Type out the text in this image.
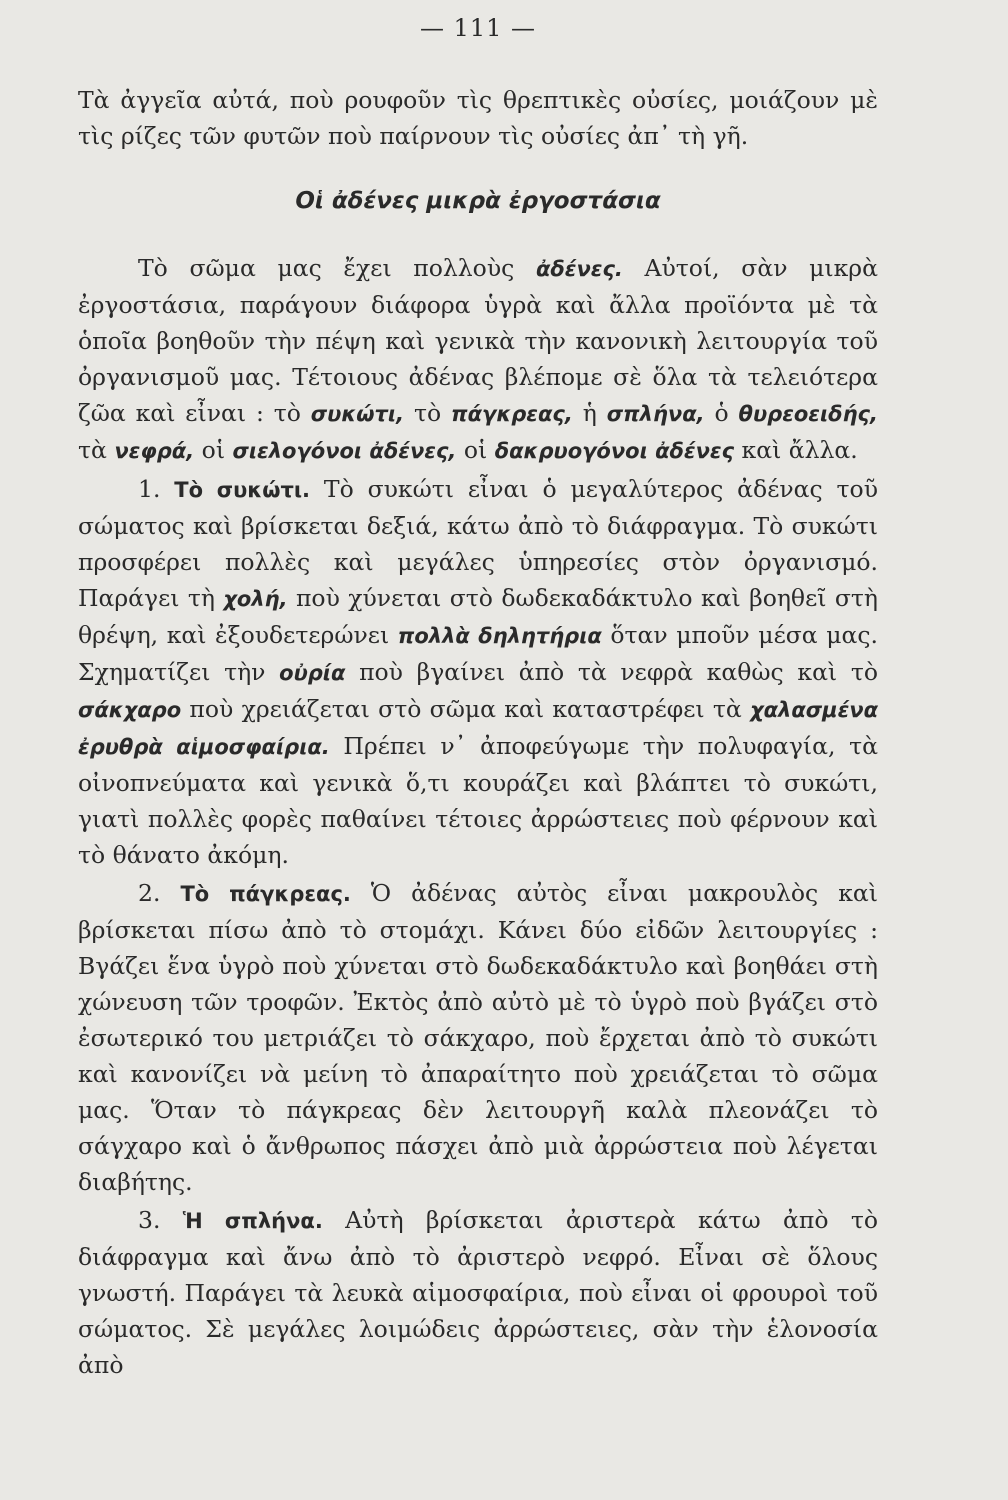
— 111 —

Τὰ ἀγγεῖα αὐτά, ποὺ ρουφοῦν τὶς θρεπτικὲς οὐσίες, μοιάζουν μὲ τὶς ρίζες τῶν φυτῶν ποὺ παίρνουν τὶς οὐσίες ἀπ᾽ τὴ γῆ.

Οἱ ἀδένες μικρὰ ἐργοστάσια

Τὸ σῶμα μας ἔχει πολλοὺς ἀδένες. Αὐτοί, σὰν μικρὰ ἐργοστάσια, παράγουν διάφορα ὑγρὰ καὶ ἄλλα προϊόντα μὲ τὰ ὁποῖα βοηθοῦν τὴν πέψη καὶ γενικὰ τὴν κανονικὴ λειτουργία τοῦ ὀργανισμοῦ μας. Τέτοιους ἀδένας βλέπομε σὲ ὅλα τὰ τελειότερα ζῶα καὶ εἶναι : τὸ συκώτι, τὸ πάγκρεας, ἡ σπλήνα, ὁ θυρεοειδής, τὰ νεφρά, οἱ σιελογόνοι ἀδένες, οἱ δακρυογόνοι ἀδένες καὶ ἄλλα.

1. Τὸ συκώτι. Τὸ συκώτι εἶναι ὁ μεγαλύτερος ἀδένας τοῦ σώματος καὶ βρίσκεται δεξιά, κάτω ἀπὸ τὸ διάφραγμα. Τὸ συκώτι προσφέρει πολλὲς καὶ μεγάλες ὑπηρεσίες στὸν ὀργανισμό. Παράγει τὴ χολή, ποὺ χύνεται στὸ δωδεκαδάκτυλο καὶ βοηθεῖ στὴ θρέψη, καὶ ἐξουδετερώνει πολλὰ δηλητήρια ὅταν μποῦν μέσα μας. Σχηματίζει τὴν οὐρία ποὺ βγαίνει ἀπὸ τὰ νεφρὰ καθὼς καὶ τὸ σάκχαρο ποὺ χρειάζεται στὸ σῶμα καὶ καταστρέφει τὰ χαλασμένα ἐρυθρὰ αἱμοσφαίρια. Πρέπει ν᾽ ἀποφεύγωμε τὴν πολυφαγία, τὰ οἰνοπνεύματα καὶ γενικὰ ὅ,τι κουράζει καὶ βλάπτει τὸ συκώτι, γιατὶ πολλὲς φορὲς παθαίνει τέτοιες ἀρρώστειες ποὺ φέρνουν καὶ τὸ θάνατο ἀκόμη.

2. Τὸ πάγκρεας. Ὁ ἀδένας αὐτὸς εἶναι μακρουλὸς καὶ βρίσκεται πίσω ἀπὸ τὸ στομάχι. Κάνει δύο εἰδῶν λειτουργίες : Βγάζει ἕνα ὑγρὸ ποὺ χύνεται στὸ δωδεκαδάκτυλο καὶ βοηθάει στὴ χώνευση τῶν τροφῶν. Ἐκτὸς ἀπὸ αὐτὸ μὲ τὸ ὑγρὸ ποὺ βγάζει στὸ ἐσωτερικό του μετριάζει τὸ σάκχαρο, ποὺ ἔρχεται ἀπὸ τὸ συκώτι καὶ κανονίζει νὰ μείνη τὸ ἀπαραίτητο ποὺ χρειάζεται τὸ σῶμα μας. Ὅταν τὸ πάγκρεας δὲν λειτουργῆ καλὰ πλεονάζει τὸ σάγχαρο καὶ ὁ ἄνθρωπος πάσχει ἀπὸ μιὰ ἀρρώστεια ποὺ λέγεται διαβήτης.

3. Ἡ σπλήνα. Αὐτὴ βρίσκεται ἀριστερὰ κάτω ἀπὸ τὸ διάφραγμα καὶ ἄνω ἀπὸ τὸ ἀριστερὸ νεφρό. Εἶναι σὲ ὅλους γνωστή. Παράγει τὰ λευκὰ αἱμοσφαίρια, ποὺ εἶναι οἱ φρουροὶ τοῦ σώματος. Σὲ μεγάλες λοιμώδεις ἀρρώστειες, σὰν τὴν ἑλονοσία ἀπὸ
